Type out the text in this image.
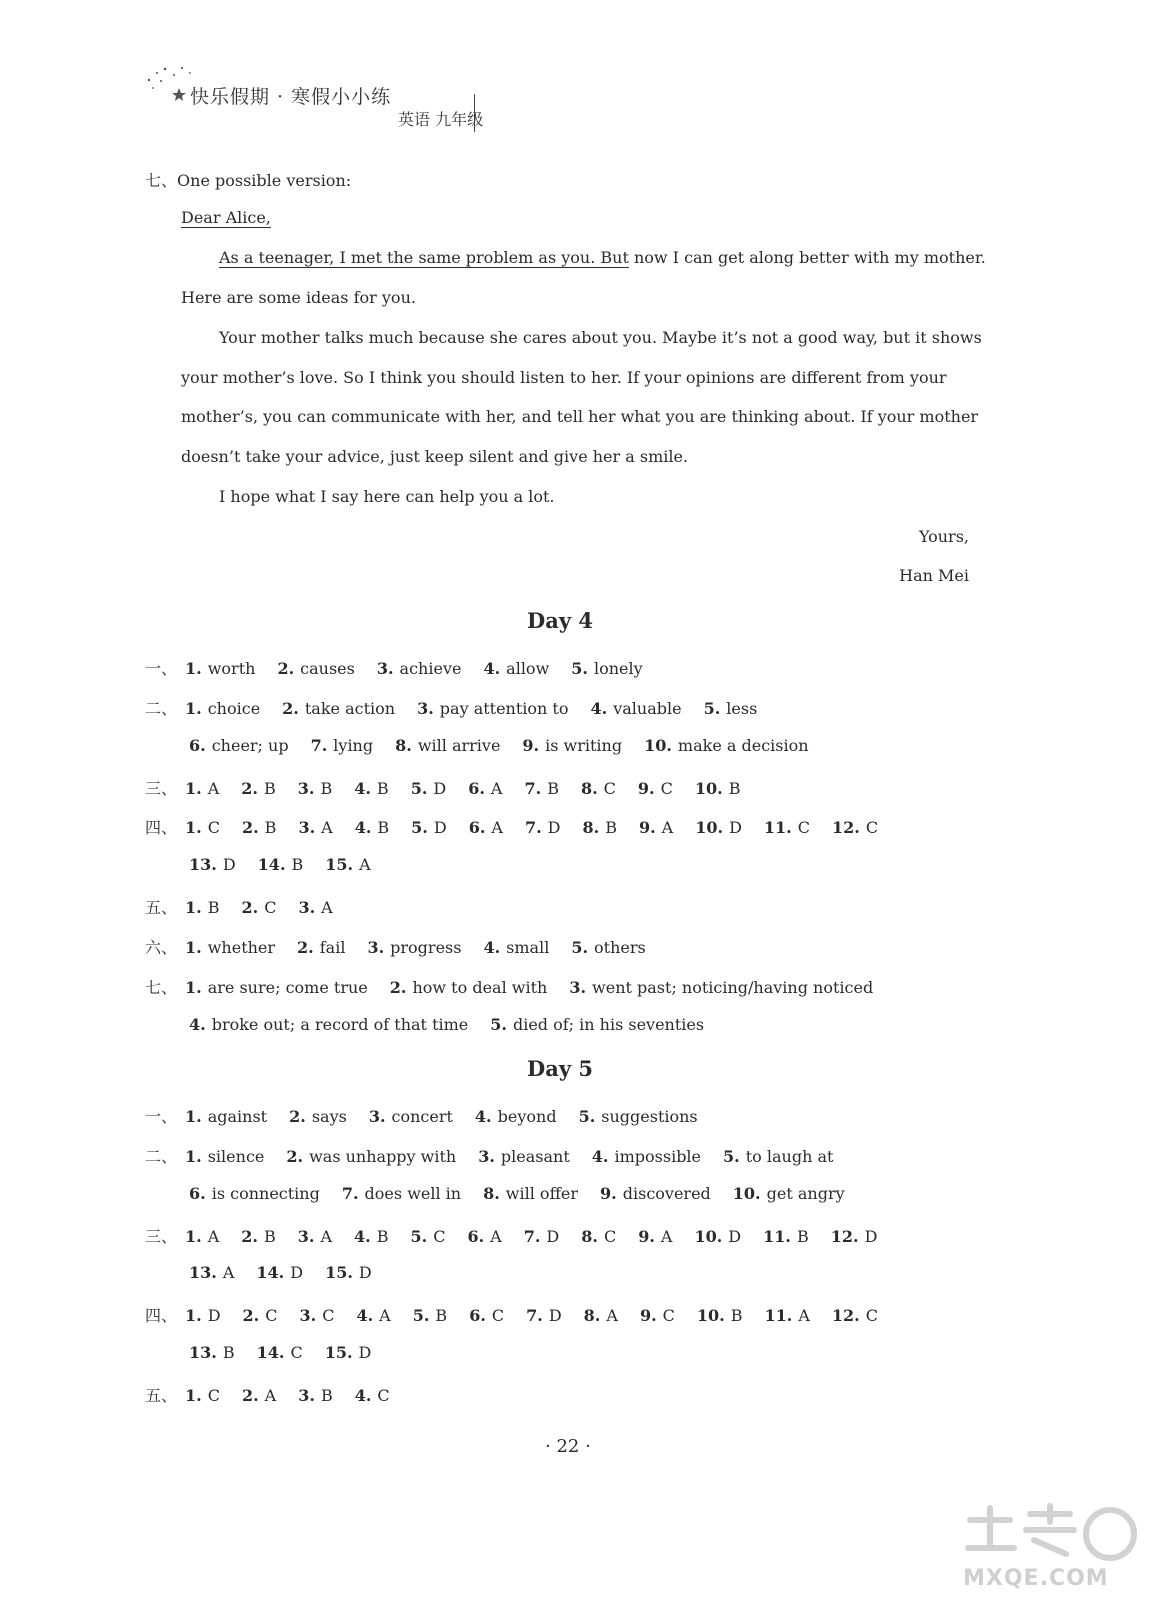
快乐假期 · 寒假小小练
英语 九年级
七、One possible version:
Dear Alice,
As a teenager, I met the same problem as you. But now I can get along better with my mother.
Here are some ideas for you.
Your mother talks much because she cares about you. Maybe it’s not a good way, but it shows
your mother’s love. So I think you should listen to her. If your opinions are different from your
mother’s, you can communicate with her, and tell her what you are thinking about. If your mother
doesn’t take your advice, just keep silent and give her a smile.
I hope what I say here can help you a lot.
Yours,
Han Mei
Day 4
一、 1. worth 2. causes 3. achieve 4. allow 5. lonely
二、 1. choice 2. take action 3. pay attention to 4. valuable 5. less
6. cheer; up 7. lying 8. will arrive 9. is writing 10. make a decision
三、 1. A 2. B 3. B 4. B 5. D 6. A 7. B 8. C 9. C 10. B
四、 1. C 2. B 3. A 4. B 5. D 6. A 7. D 8. B 9. A 10. D 11. C 12. C
13. D 14. B 15. A
五、 1. B 2. C 3. A
六、 1. whether 2. fail 3. progress 4. small 5. others
七、 1. are sure; come true 2. how to deal with 3. went past; noticing/having noticed
4. broke out; a record of that time 5. died of; in his seventies
Day 5
一、 1. against 2. says 3. concert 4. beyond 5. suggestions
二、 1. silence 2. was unhappy with 3. pleasant 4. impossible 5. to laugh at
6. is connecting 7. does well in 8. will offer 9. discovered 10. get angry
三、 1. A 2. B 3. A 4. B 5. C 6. A 7. D 8. C 9. A 10. D 11. B 12. D
13. A 14. D 15. D
四、 1. D 2. C 3. C 4. A 5. B 6. C 7. D 8. A 9. C 10. B 11. A 12. C
13. B 14. C 15. D
五、 1. C 2. A 3. B 4. C
· 22 ·
MXQE.COM
